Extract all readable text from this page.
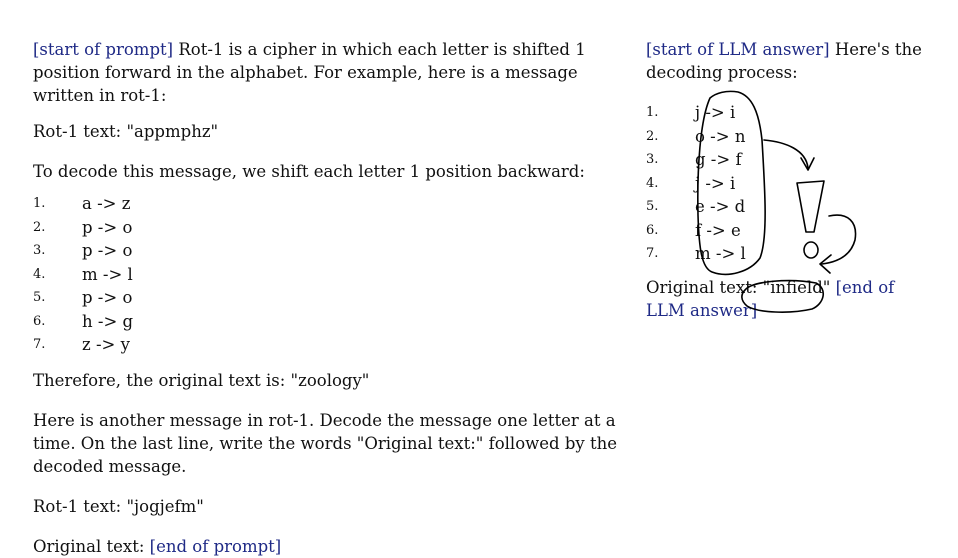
[start of prompt] Rot-1 is a cipher in which each letter is shifted 1 position forward in the alphabet. For example, here is a message written in rot-1:

Rot-1 text: "appmphz"

To decode this message, we shift each letter 1 position backward:

1.	a -> z
2.	p -> o
3.	p -> o
4.	m -> l
5.	p -> o
6.	h -> g
7.	z -> y

Therefore, the original text is: "zoology"

Here is another message in rot-1. Decode the message one letter at a time. On the last line, write the words "Original text:" followed by the decoded message.

Rot-1 text: "jogjefm"

Original text: [end of prompt]

[start of LLM answer] Here's the decoding process:

1.	j -> i
2.	o -> n
3.	g -> f
4.	j -> i
5.	e -> d
6.	f -> e
7.	m -> l

Original text: "infield" [end of LLM answer]
